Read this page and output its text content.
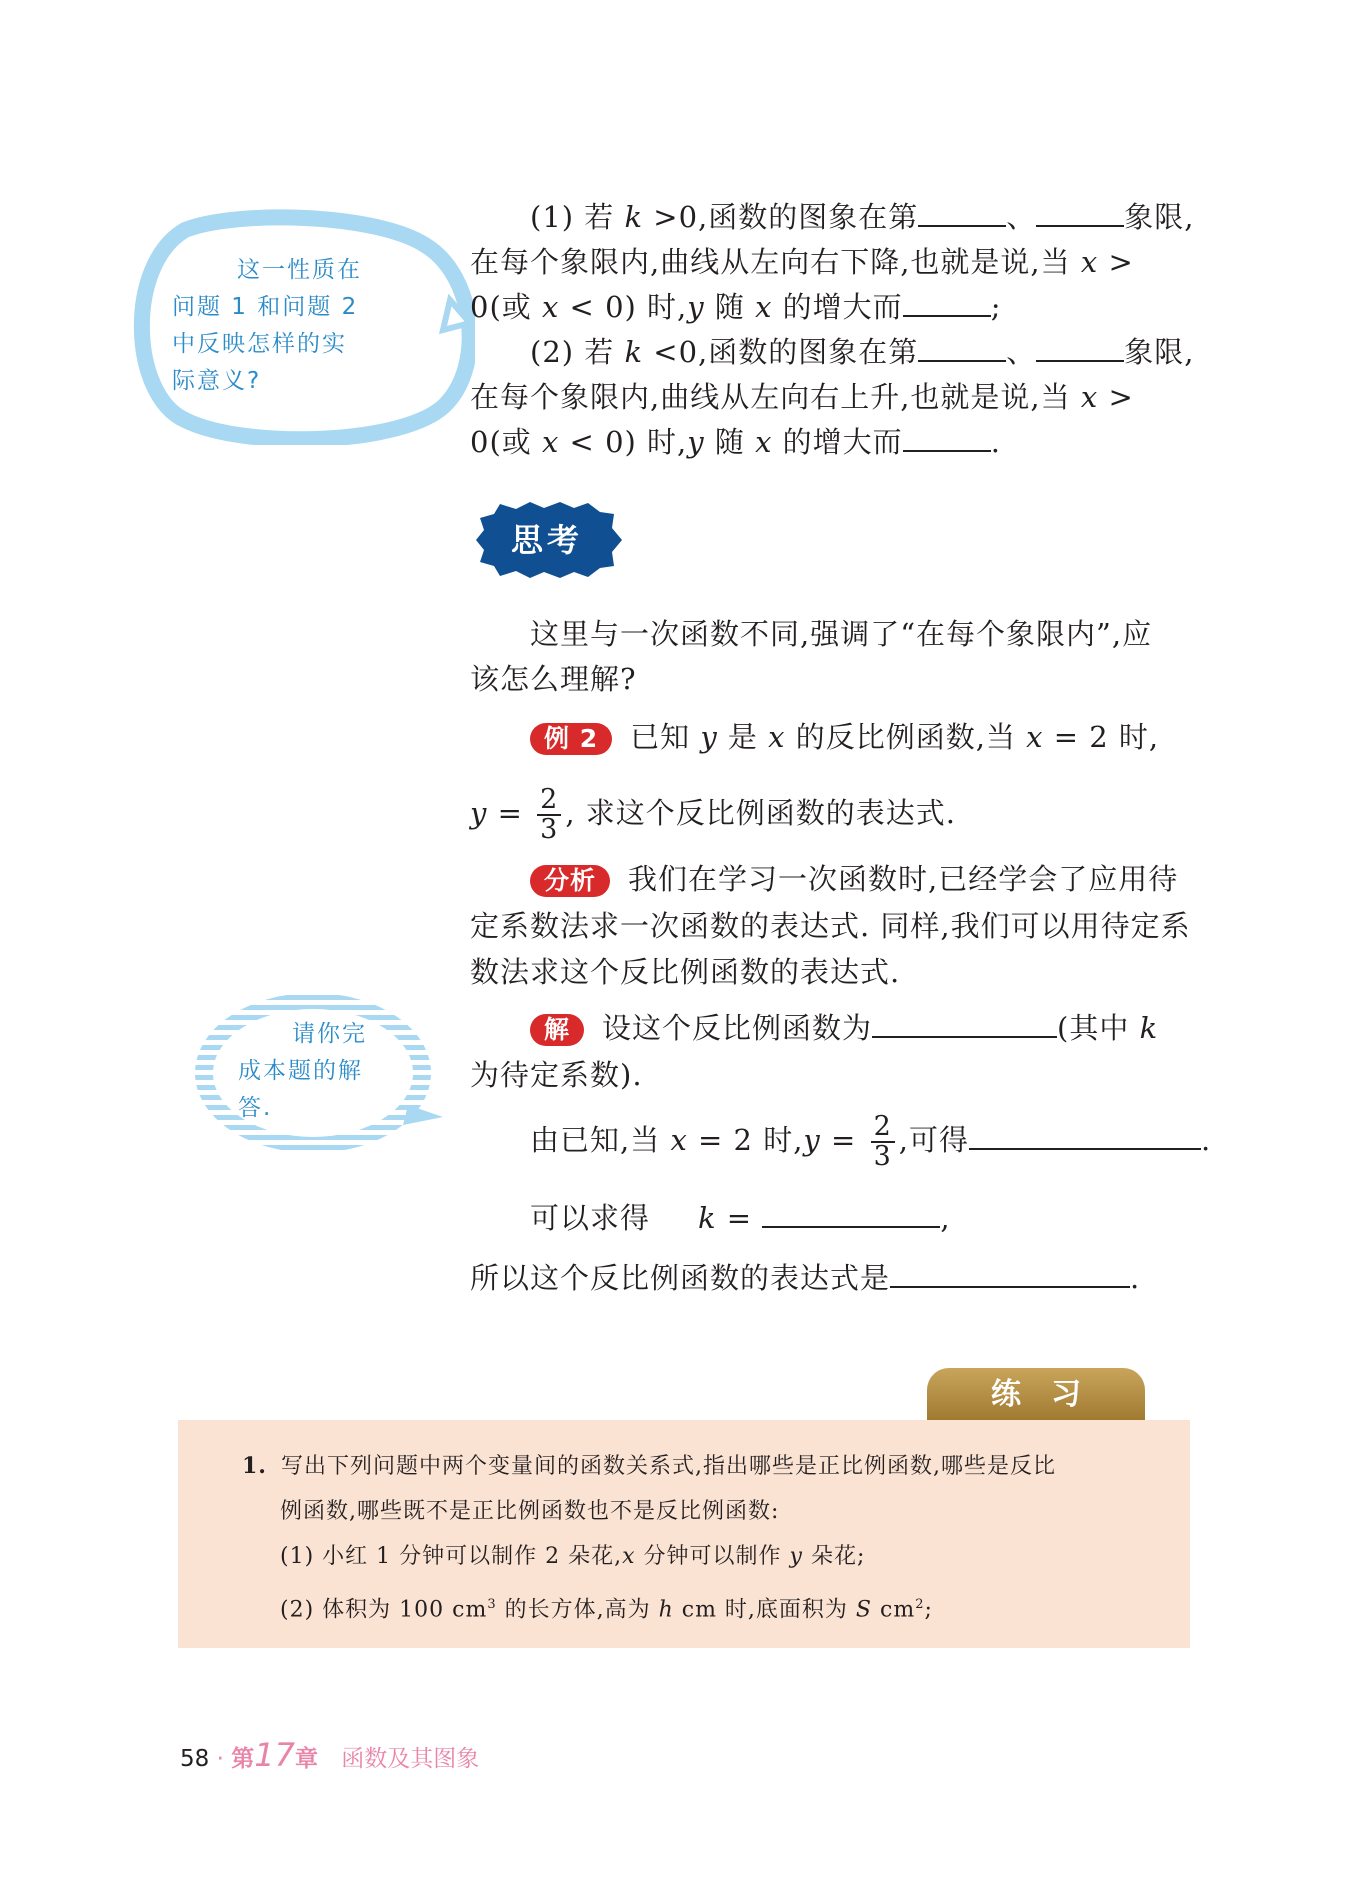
这一性质在
问题 1 和问题 2
中反映怎样的实
际意义?
请你完
成本题的解
答.
(1) 若 k >0,函数的图象在第	、	象限,
在每个象限内,曲线从左向右下降,也就是说,当 x >
0(或 x < 0) 时,y 随 x 的增大而	;
(2) 若 k <0,函数的图象在第	、	象限,
在每个象限内,曲线从左向右上升,也就是说,当 x >
0(或 x < 0) 时,y 随 x 的增大而	.
思考
这里与一次函数不同,强调了“在每个象限内”,应
该怎么理解?
例 2 已知 y 是 x 的反比例函数,当 x = 2 时,
$y = \frac{2}{3}$ , 求这个反比例函数的表达式.
分析 我们在学习一次函数时,已经学会了应用待
定系数法求一次函数的表达式. 同样,我们可以用待定系
数法求这个反比例函数的表达式.
解 设这个反比例函数为	(其中 k
为待定系数).
由已知,当 x = 2 时$,y = \frac{2}{3}$ ,可得	.
可以求得 k =	,
所以这个反比例函数的表达式是	.
练　习
1. 写出下列问题中两个变量间的函数关系式,指出哪些是正比例函数,哪些是反比
例函数,哪些既不是正比例函数也不是反比例函数:
(1) 小红 1 分钟可以制作 2 朵花,x 分钟可以制作 y 朵花;
(2) 体积为 100 $cm^3$ 的长方体,高为 h cm 时,底面积为 S $cm^2$;
58 · 第17章 函数及其图象
